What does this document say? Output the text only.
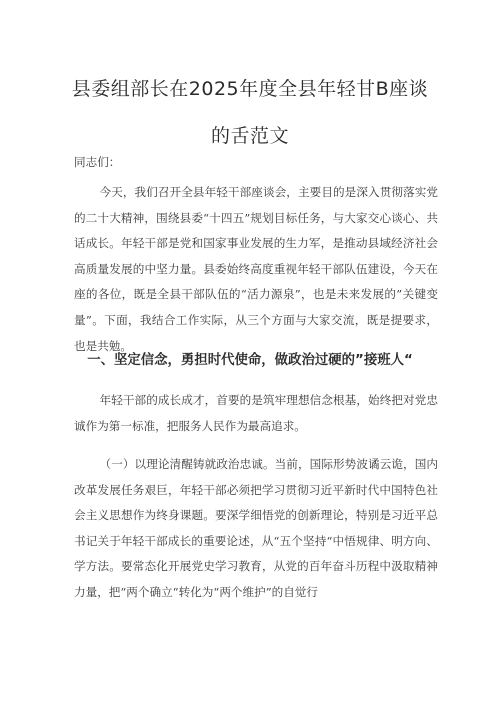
县委组部长在2025年度全县年轻甘B座谈
的舌范文

同志们：

今天，我们召开全县年轻干部座谈会，主要目的是深入贯彻落实党的二十大精神，围绕县委“十四五”规划目标任务，与大家交心谈心、共话成长。年轻干部是党和国家事业发展的生力军，是推动县域经济社会高质量发展的中坚力量。县委始终高度重视年轻干部队伍建设，今天在座的各位，既是全县干部队伍的“活力源泉”，也是未来发展的”关键变量”。下面，我结合工作实际，从三个方面与大家交流，既是提要求，也是共勉。

一、坚定信念，勇担时代使命，做政治过硬的”接班人“

年轻干部的成长成才，首要的是筑牢理想信念根基，始终把对党忠诚作为第一标准，把服务人民作为最高追求。

（一）以理论清醒铸就政治忠诚。当前，国际形势波谲云诡，国内改革发展任务艰巨，年轻干部必须把学习贯彻习近平新时代中国特色社会主义思想作为终身课题。要深学细悟党的创新理论，特别是习近平总书记关于年轻干部成长的重要论述，从“五个坚持“中悟规律、明方向、学方法。要常态化开展党史学习教育，从党的百年奋斗历程中汲取精神力量，把“两个确立“转化为“两个维护”的自觉行
